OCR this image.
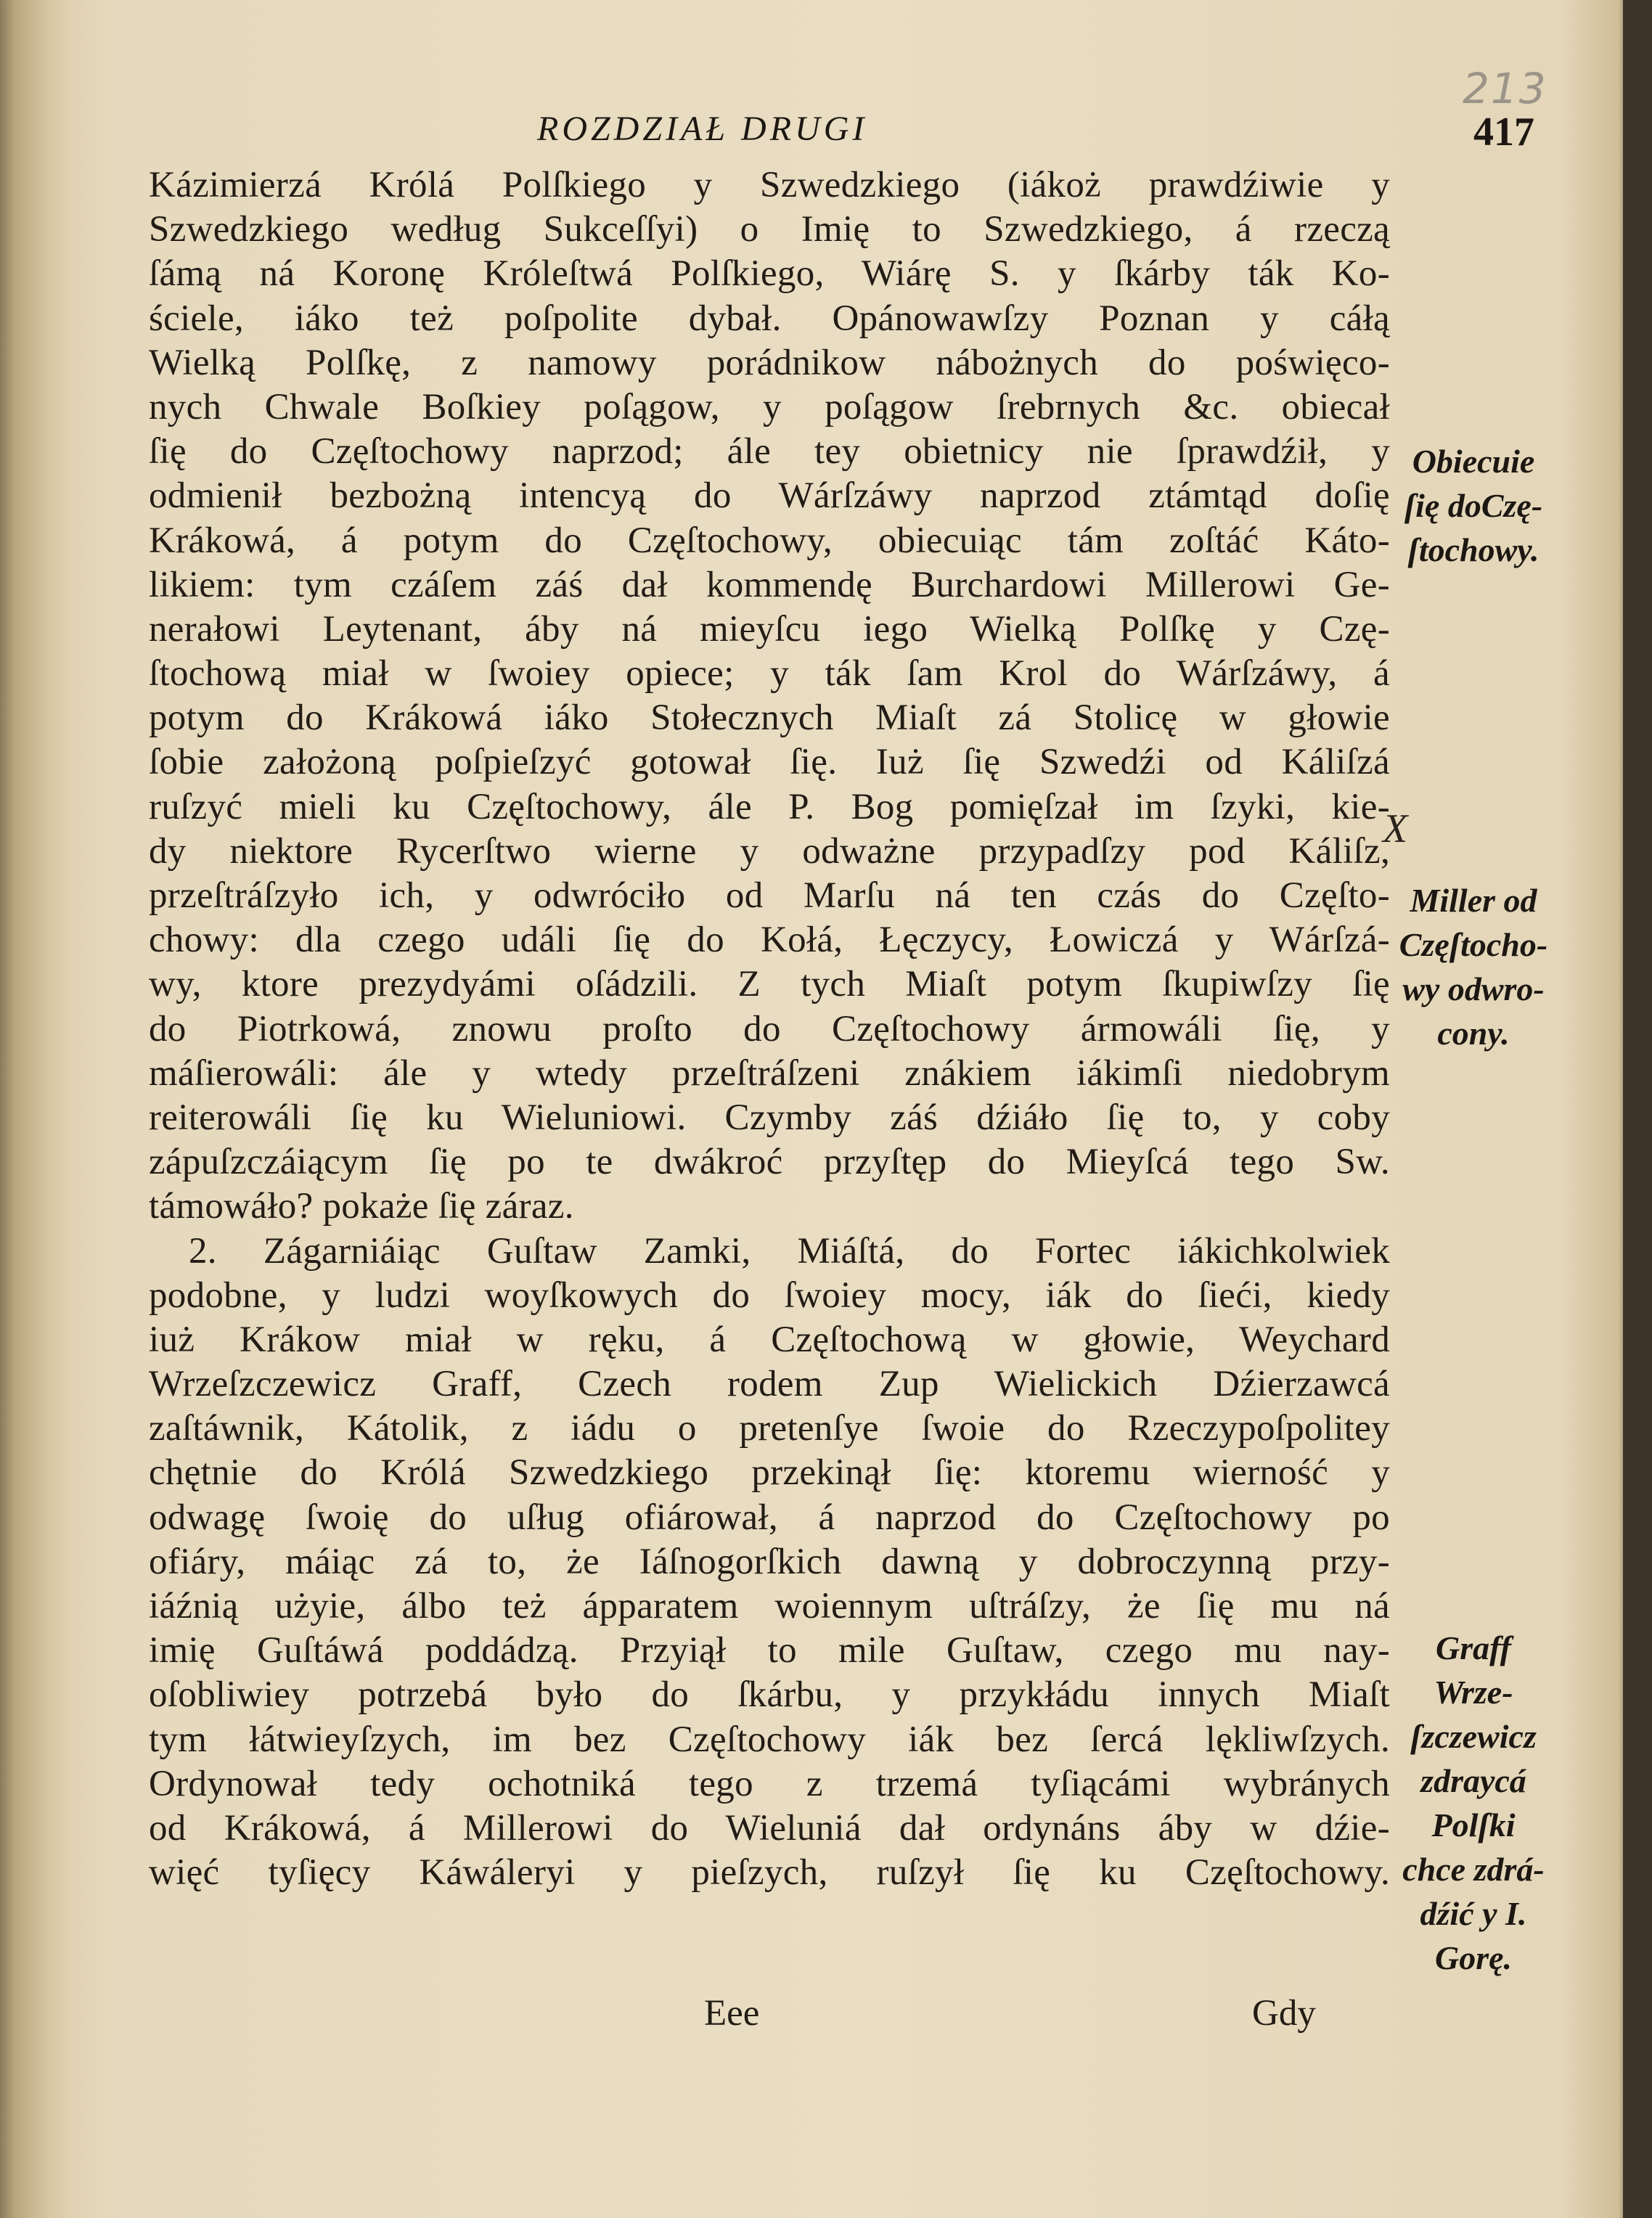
213
ROZDZIAŁ DRUGI	417
Kázimierzá Królá Polſkiego y Szwedzkiego (iákoż prawdźiwie y
Szwedzkiego według Sukceſſyi) o Imię to Szwedzkiego, á rzeczą
ſámą ná Koronę Króleſtwá Polſkiego, Wiárę S. y ſkárby ták Ko-
ściele, iáko też poſpolite dybał. Opánowawſzy Poznan y cáłą
Wielką Polſkę, z namowy porádnikow nábożnych do poświęco-
nych Chwale Boſkiey poſągow, y poſągow ſrebrnych &c. obiecał
ſię do Częſtochowy naprzod; ále tey obietnicy nie ſprawdźił, y
odmienił bezbożną intencyą do Wárſzáwy naprzod ztámtąd doſię
Krákowá, á potym do Częſtochowy, obiecuiąc tám zoſtáć Káto-
likiem: tym czáſem záś dał kommendę Burchardowi Millerowi Ge-
nerałowi Leytenant, áby ná mieyſcu iego Wielką Polſkę y Czę-
ſtochową miał w ſwoiey opiece; y ták ſam Krol do Wárſzáwy, á
potym do Krákowá iáko Stołecznych Miaſt zá Stolicę w głowie
ſobie założoną poſpieſzyć gotował ſię. Iuż ſię Szwedźi od Káliſzá
ruſzyć mieli ku Częſtochowy, ále P. Bog pomięſzał im ſzyki, kie-
dy niektore Rycerſtwo wierne y odważne przypadſzy pod Káliſz,
przeſtráſzyło ich, y odwróciło od Marſu ná ten czás do Częſto-
chowy: dla czego událi ſię do Kołá, Łęczycy, Łowiczá y Wárſzá-
wy, ktore prezydyámi oſádzili. Z tych Miaſt potym ſkupiwſzy ſię
do Piotrkowá, znowu proſto do Częſtochowy ármowáli ſię, y
máſierowáli: ále y wtedy przeſtráſzeni znákiem iákimſi niedobrym
reiterowáli ſię ku Wieluniowi. Czymby záś dźiáło ſię to, y coby
zápuſzczáiącym ſię po te dwákroć przyſtęp do Mieyſcá tego Sw.
támowáło? pokaże ſię záraz.
2. Zágarniáiąc Guſtaw Zamki, Miáſtá, do Fortec iákichkolwiek
podobne, y ludzi woyſkowych do ſwoiey mocy, iák do ſieći, kiedy
iuż Krákow miał w ręku, á Częſtochową w głowie, Weychard
Wrzeſzczewicz Graff, Czech rodem Zup Wielickich Dźierzawcá
zaſtáwnik, Kátolik, z iádu o pretenſye ſwoie do Rzeczypoſpolitey
chętnie do Królá Szwedzkiego przekinął ſię: ktoremu wierność y
odwagę ſwoię do uſług ofiárował, á naprzod do Częſtochowy po
ofiáry, máiąc zá to, że Iáſnogorſkich dawną y dobroczynną przy-
iáźnią użyie, álbo też ápparatem woiennym uſtráſzy, że ſię mu ná
imię Guſtáwá poddádzą. Przyiął to mile Guſtaw, czego mu nay-
oſobliwiey potrzebá było do ſkárbu, y przykłádu innych Miaſt
tym łátwieyſzych, im bez Częſtochowy iák bez ſercá lękliwſzych.
Ordynował tedy ochotniká tego z trzemá tyſiącámi wybránych
od Krákowá, á Millerowi do Wieluniá dał ordynáns áby w dźie-
więć tyſięcy Káwáleryi y pieſzych, ruſzył ſię ku Częſtochowy.
Obiecuie
ſię doCzę-
ſtochowy.
X
Miller od
Częſtocho-
wy odwro-
cony.
Graff
Wrze-
ſzczewicz
zdraycá
Polſki
chce zdrá-
dźić y I.
Gorę.
Eee	Gdy
